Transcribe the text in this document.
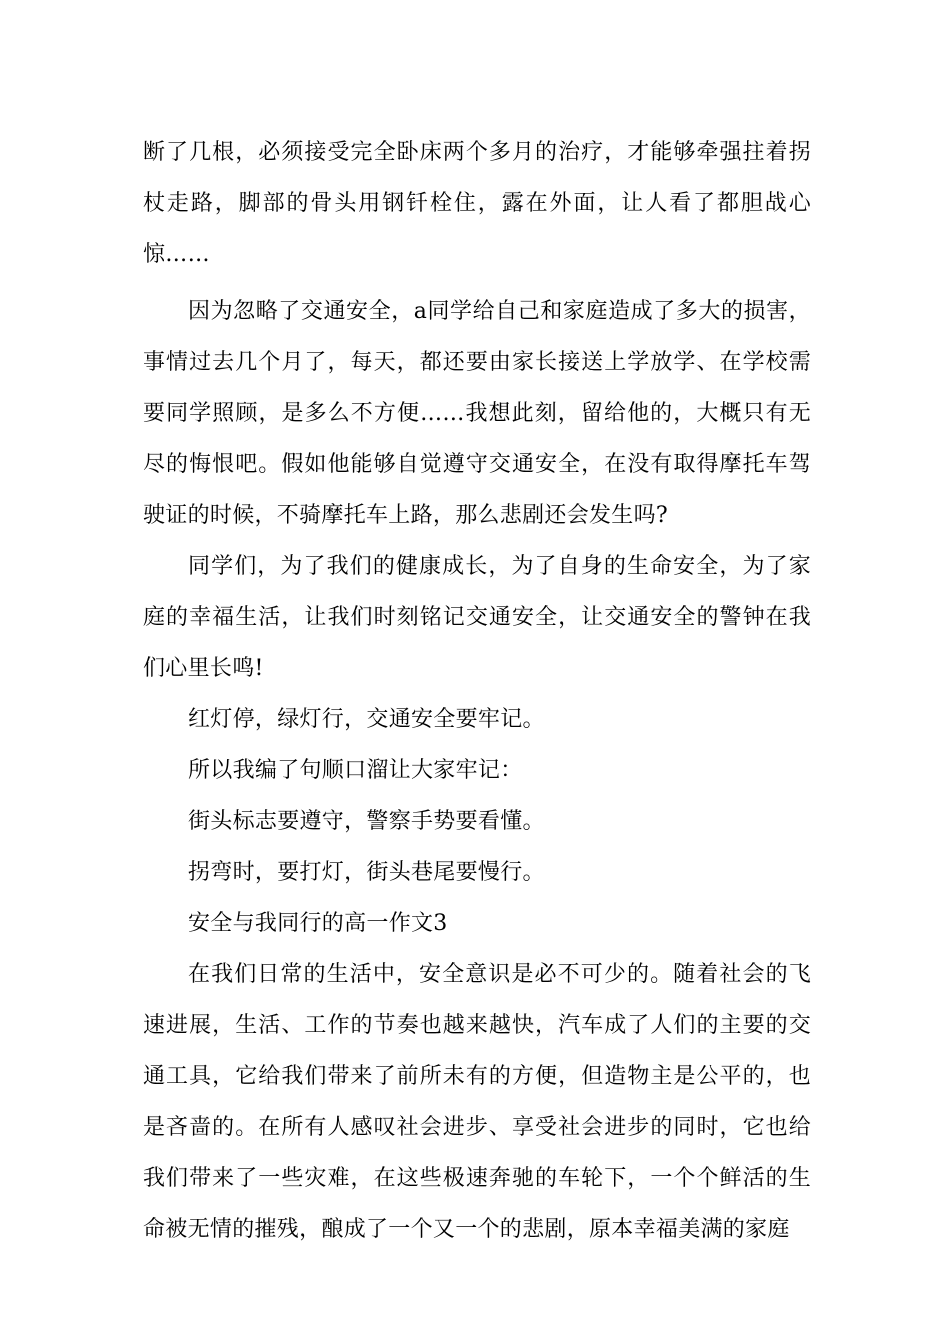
断了几根，必须接受完全卧床两个多月的治疗，才能够牵强拄着拐杖走路，脚部的骨头用钢钎栓住，露在外面，让人看了都胆战心惊……

因为忽略了交通安全，a同学给自己和家庭造成了多大的损害，事情过去几个月了，每天，都还要由家长接送上学放学、在学校需要同学照顾，是多么不方便……我想此刻，留给他的，大概只有无尽的悔恨吧。假如他能够自觉遵守交通安全，在没有取得摩托车驾驶证的时候，不骑摩托车上路，那么悲剧还会发生吗?

同学们，为了我们的健康成长，为了自身的生命安全，为了家庭的幸福生活，让我们时刻铭记交通安全，让交通安全的警钟在我们心里长鸣!

红灯停，绿灯行，交通安全要牢记。

所以我编了句顺口溜让大家牢记：

街头标志要遵守，警察手势要看懂。

拐弯时，要打灯，街头巷尾要慢行。

安全与我同行的高一作文3

在我们日常的生活中，安全意识是必不可少的。随着社会的飞速进展，生活、工作的节奏也越来越快，汽车成了人们的主要的交通工具，它给我们带来了前所未有的方便，但造物主是公平的，也是吝啬的。在所有人感叹社会进步、享受社会进步的同时，它也给我们带来了一些灾难，在这些极速奔驰的车轮下，一个个鲜活的生命被无情的摧残，酿成了一个又一个的悲剧，原本幸福美满的家庭
